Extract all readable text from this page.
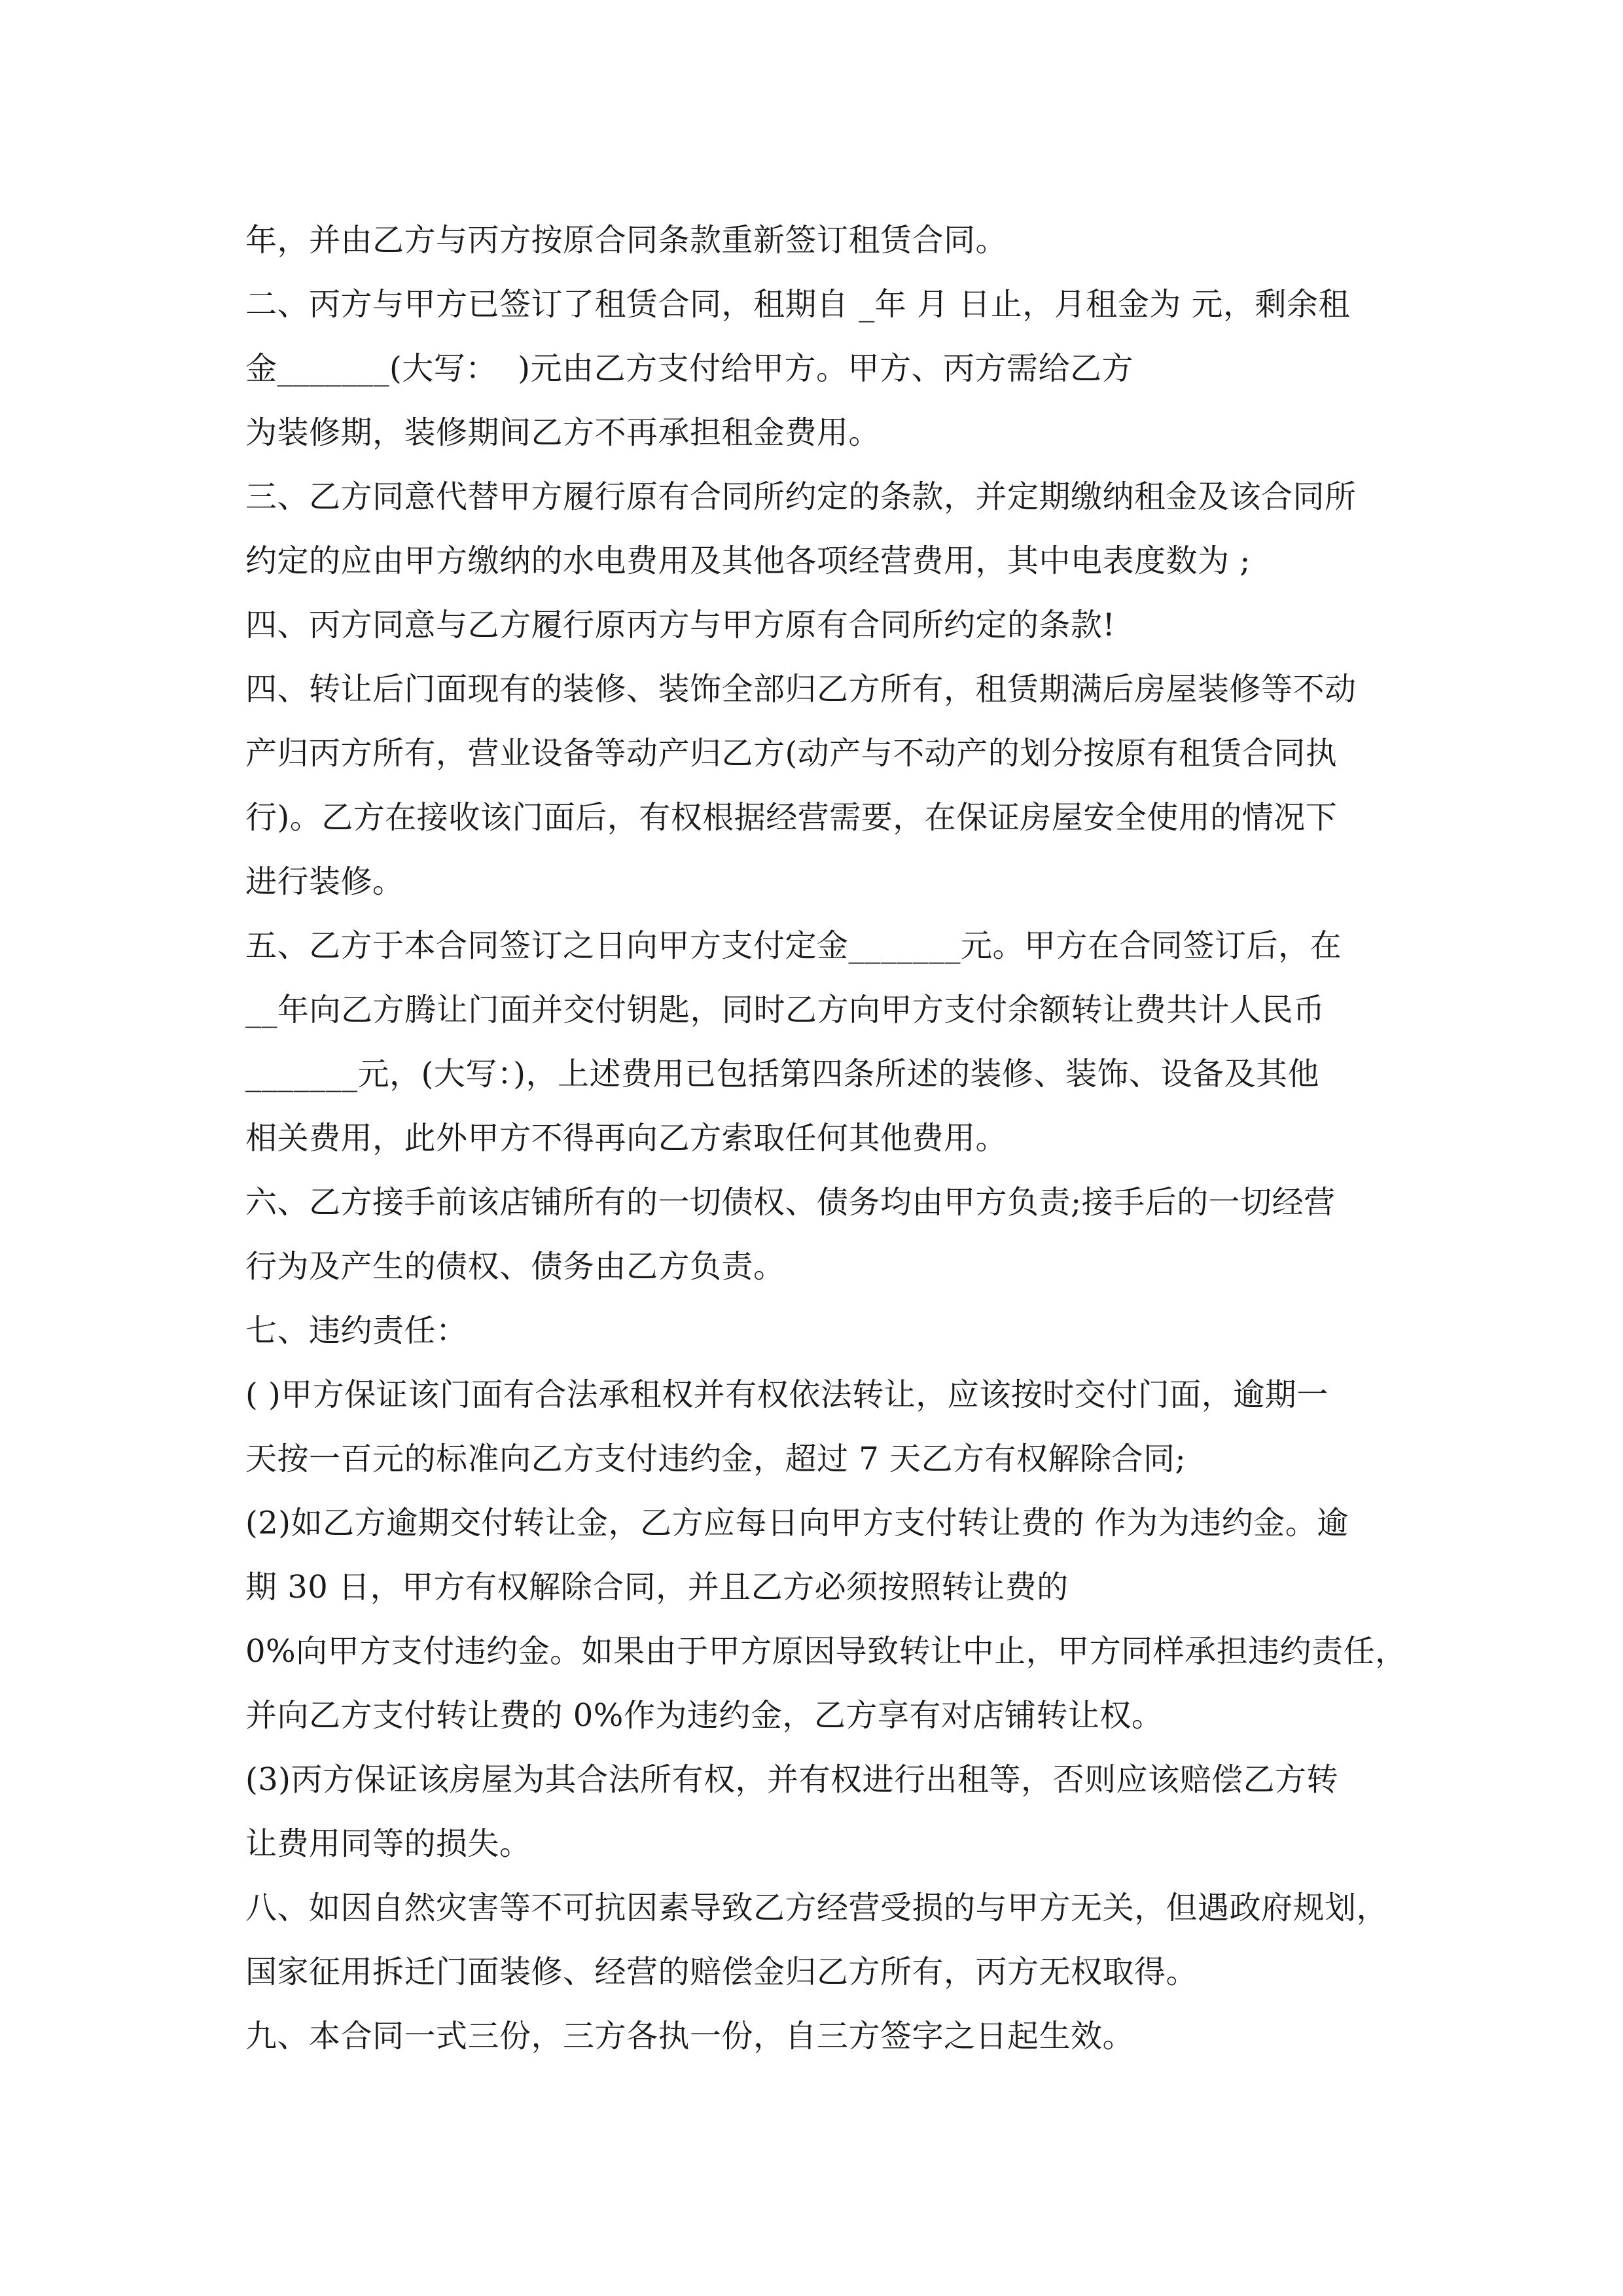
年，并由乙方与丙方按原合同条款重新签订租赁合同。
二、丙方与甲方已签订了租赁合同，租期自 _年 月 日止，月租金为 元，剩余租
金_______(大写：  )元由乙方支付给甲方。甲方、丙方需给乙方
为装修期，装修期间乙方不再承担租金费用。
三、乙方同意代替甲方履行原有合同所约定的条款，并定期缴纳租金及该合同所
约定的应由甲方缴纳的水电费用及其他各项经营费用，其中电表度数为 ;
四、丙方同意与乙方履行原丙方与甲方原有合同所约定的条款!
四、转让后门面现有的装修、装饰全部归乙方所有，租赁期满后房屋装修等不动
产归丙方所有，营业设备等动产归乙方(动产与不动产的划分按原有租赁合同执
行)。乙方在接收该门面后，有权根据经营需要，在保证房屋安全使用的情况下
进行装修。
五、乙方于本合同签订之日向甲方支付定金_______元。甲方在合同签订后，在
__年向乙方腾让门面并交付钥匙，同时乙方向甲方支付余额转让费共计人民币
_______元，(大写：)，上述费用已包括第四条所述的装修、装饰、设备及其他
相关费用，此外甲方不得再向乙方索取任何其他费用。
六、乙方接手前该店铺所有的一切债权、债务均由甲方负责;接手后的一切经营
行为及产生的债权、债务由乙方负责。
七、违约责任：
( )甲方保证该门面有合法承租权并有权依法转让，应该按时交付门面，逾期一
天按一百元的标准向乙方支付违约金，超过 7 天乙方有权解除合同;
(2)如乙方逾期交付转让金，乙方应每日向甲方支付转让费的 作为为违约金。逾
期 30 日，甲方有权解除合同，并且乙方必须按照转让费的
0%向甲方支付违约金。如果由于甲方原因导致转让中止，甲方同样承担违约责任，
并向乙方支付转让费的 0%作为违约金，乙方享有对店铺转让权。
(3)丙方保证该房屋为其合法所有权，并有权进行出租等，否则应该赔偿乙方转
让费用同等的损失。
八、如因自然灾害等不可抗因素导致乙方经营受损的与甲方无关，但遇政府规划，
国家征用拆迁门面装修、经营的赔偿金归乙方所有，丙方无权取得。
九、本合同一式三份，三方各执一份，自三方签字之日起生效。
